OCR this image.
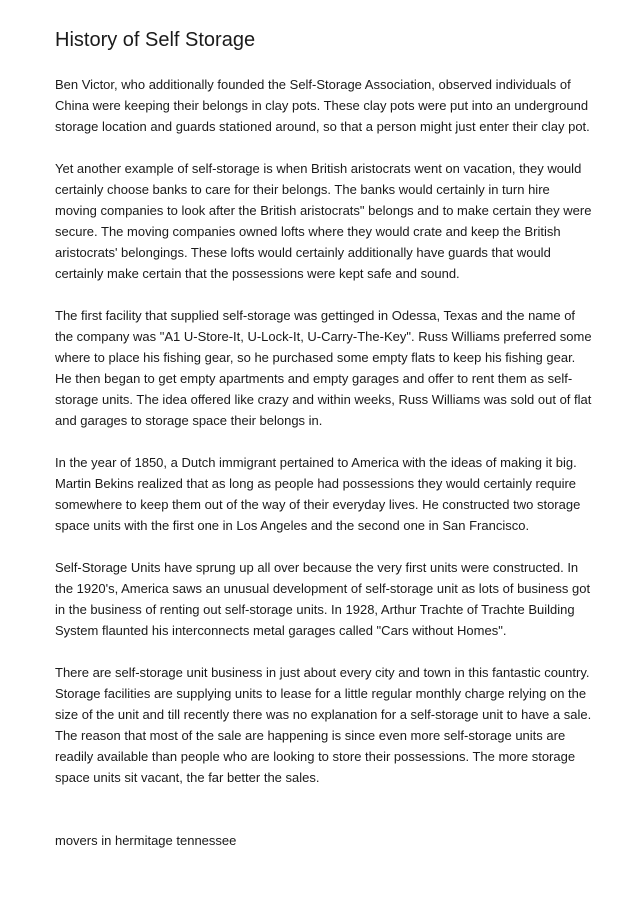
History of Self Storage

Ben Victor, who additionally founded the Self-Storage Association, observed individuals of China were keeping their belongs in clay pots. These clay pots were put into an underground storage location and guards stationed around, so that a person might just enter their clay pot.

Yet another example of self-storage is when British aristocrats went on vacation, they would certainly choose banks to care for their belongs. The banks would certainly in turn hire moving companies to look after the British aristocrats" belongs and to make certain they were secure. The moving companies owned lofts where they would crate and keep the British aristocrats' belongings. These lofts would certainly additionally have guards that would certainly make certain that the possessions were kept safe and sound.

The first facility that supplied self-storage was gettinged in Odessa, Texas and the name of the company was "A1 U-Store-It, U-Lock-It, U-Carry-The-Key". Russ Williams preferred some where to place his fishing gear, so he purchased some empty flats to keep his fishing gear. He then began to get empty apartments and empty garages and offer to rent them as self-storage units. The idea offered like crazy and within weeks, Russ Williams was sold out of flat and garages to storage space their belongs in.

In the year of 1850, a Dutch immigrant pertained to America with the ideas of making it big. Martin Bekins realized that as long as people had possessions they would certainly require somewhere to keep them out of the way of their everyday lives. He constructed two storage space units with the first one in Los Angeles and the second one in San Francisco.

Self-Storage Units have sprung up all over because the very first units were constructed. In the 1920's, America saws an unusual development of self-storage unit as lots of business got in the business of renting out self-storage units. In 1928, Arthur Trachte of Trachte Building System flaunted his interconnects metal garages called "Cars without Homes".

There are self-storage unit business in just about every city and town in this fantastic country. Storage facilities are supplying units to lease for a little regular monthly charge relying on the size of the unit and till recently there was no explanation for a self-storage unit to have a sale. The reason that most of the sale are happening is since even more self-storage units are readily available than people who are looking to store their possessions. The more storage space units sit vacant, the far better the sales.

movers in hermitage tennessee
